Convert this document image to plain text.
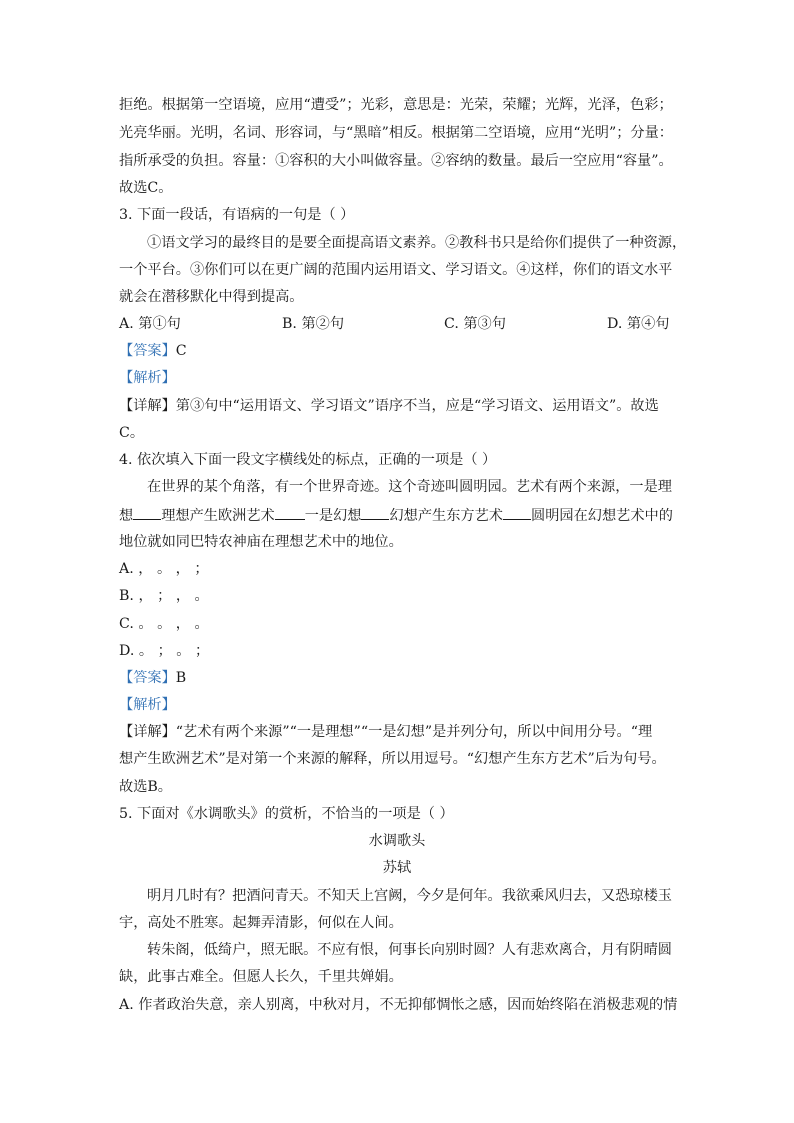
拒绝。根据第一空语境，应用“遭受”；光彩，意思是：光荣，荣耀；光辉，光泽，色彩；
光亮华丽。光明，名词、形容词，与“黑暗”相反。根据第二空语境，应用“光明”；分量：
指所承受的负担。容量：①容积的大小叫做容量。②容纳的数量。最后一空应用“容量”。
故选C。
3. 下面一段话，有语病的一句是（ ）
①语文学习的最终目的是要全面提高语文素养。②教科书只是给你们提供了一种资源，
一个平台。③你们可以在更广阔的范围内运用语文、学习语文。④这样，你们的语文水平
就会在潜移默化中得到提高。
A. 第①句	B. 第②句	C. 第③句	D. 第④句
【答案】C
【解析】
【详解】第③句中“运用语文、学习语文”语序不当，应是“学习语文、运用语文”。故选
C。
4. 依次填入下面一段文字横线处的标点，正确的一项是（ ）
在世界的某个角落，有一个世界奇迹。这个奇迹叫圆明园。艺术有两个来源，一是理
想 理想产生欧洲艺术 一是幻想 幻想产生东方艺术 圆明园在幻想艺术中的
地位就如同巴特农神庙在理想艺术中的地位。
A. ， 。 ， ；
B. ， ； ， 。
C. 。 。 ， 。
D. 。 ； 。 ；
【答案】B
【解析】
【详解】“艺术有两个来源”“一是理想”“一是幻想”是并列分句，所以中间用分号。“理
想产生欧洲艺术”是对第一个来源的解释，所以用逗号。“幻想产生东方艺术”后为句号。
故选B。
5. 下面对《水调歌头》的赏析，不恰当的一项是（ ）
水调歌头
苏轼
明月几时有？把酒问青天。不知天上宫阙，今夕是何年。我欲乘风归去，又恐琼楼玉
宇，高处不胜寒。起舞弄清影，何似在人间。
转朱阁，低绮户，照无眠。不应有恨，何事长向别时圆？人有悲欢离合，月有阴晴圆
缺，此事古难全。但愿人长久，千里共婵娟。
A. 作者政治失意，亲人别离，中秋对月，不无抑郁惆怅之感，因而始终陷在消极悲观的情
